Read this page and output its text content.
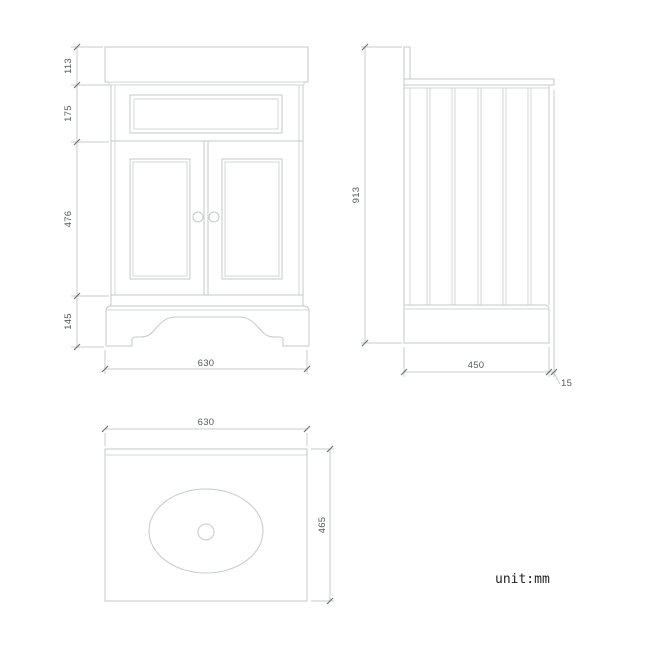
113
175
476
145
630
913
450
15
630
465
unit:mm
